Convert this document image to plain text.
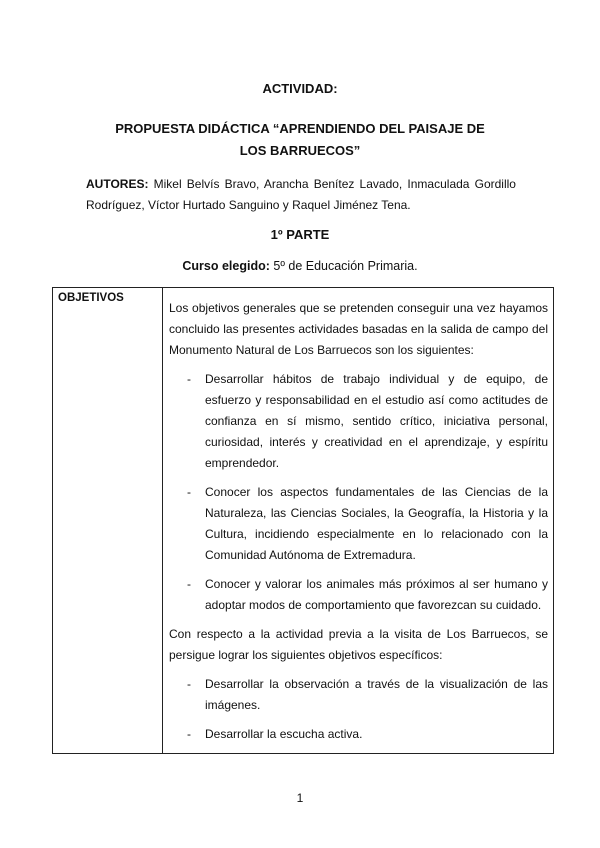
ACTIVIDAD:
PROPUESTA DIDÁCTICA “APRENDIENDO DEL PAISAJE DE
LOS BARRUECOS”
AUTORES: Mikel Belvís Bravo, Arancha Benítez Lavado, Inmaculada Gordillo Rodríguez, Víctor Hurtado Sanguino y Raquel Jiménez Tena.
1º PARTE
Curso elegido: 5º de Educación Primaria.
OBJETIVOS	

Los objetivos generales que se pretenden conseguir una vez hayamos concluido las presentes actividades basadas en la salida de campo del Monumento Natural de Los Barruecos son los siguientes:

- Desarrollar hábitos de trabajo individual y de equipo, de esfuerzo y responsabilidad en el estudio así como actitudes de confianza en sí mismo, sentido crítico, iniciativa personal, curiosidad, interés y creatividad en el aprendizaje, y espíritu emprendedor.
- Conocer los aspectos fundamentales de las Ciencias de la Naturaleza, las Ciencias Sociales, la Geografía, la Historia y la Cultura, incidiendo especialmente en lo relacionado con la Comunidad Autónoma de Extremadura.
- Conocer y valorar los animales más próximos al ser humano y adoptar modos de comportamiento que favorezcan su cuidado.

Con respecto a la actividad previa a la visita de Los Barruecos, se persigue lograr los siguientes objetivos específicos:

- Desarrollar la observación a través de la visualización de las imágenes.
- Desarrollar la escucha activa.
1
